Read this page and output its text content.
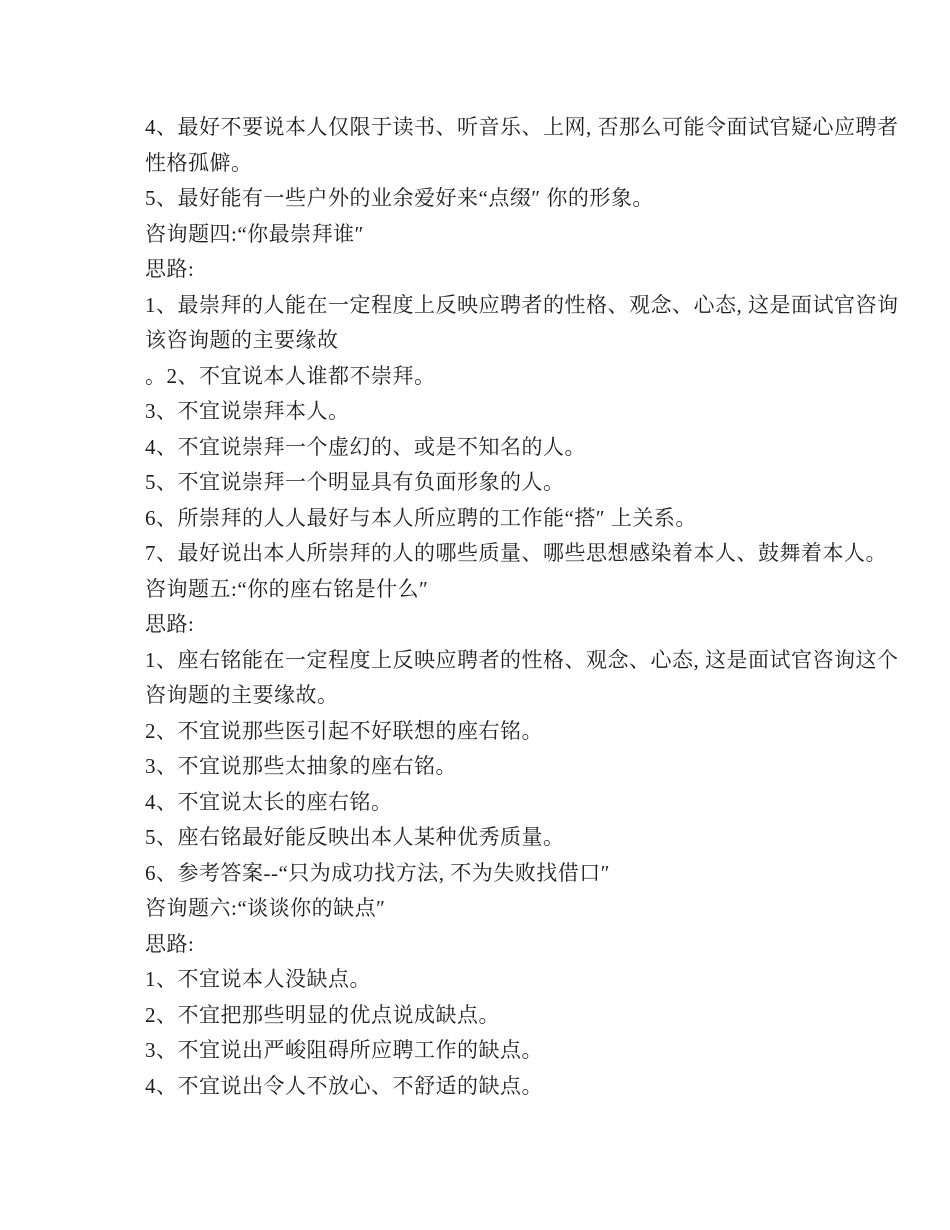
4、最好不要说本人仅限于读书、听音乐、上网, 否那么可能令面试官疑心应聘者
性格孤僻。
5、最好能有一些户外的业余爱好来“点缀″ 你的形象。
咨询题四:“你最崇拜谁″
思路:
1、最崇拜的人能在一定程度上反映应聘者的性格、观念、心态, 这是面试官咨询
该咨询题的主要缘故
。2、不宜说本人谁都不崇拜。
3、不宜说崇拜本人。
4、不宜说崇拜一个虚幻的、或是不知名的人。
5、不宜说崇拜一个明显具有负面形象的人。
6、所崇拜的人人最好与本人所应聘的工作能“搭″ 上关系。
7、最好说出本人所崇拜的人的哪些质量、哪些思想感染着本人、鼓舞着本人。
咨询题五:“你的座右铭是什么″
思路:
1、座右铭能在一定程度上反映应聘者的性格、观念、心态, 这是面试官咨询这个
咨询题的主要缘故。
2、不宜说那些医引起不好联想的座右铭。
3、不宜说那些太抽象的座右铭。
4、不宜说太长的座右铭。
5、座右铭最好能反映出本人某种优秀质量。
6、参考答案--“只为成功找方法, 不为失败找借口″
咨询题六:“谈谈你的缺点″
思路:
1、不宜说本人没缺点。
2、不宜把那些明显的优点说成缺点。
3、不宜说出严峻阻碍所应聘工作的缺点。
4、不宜说出令人不放心、不舒适的缺点。
